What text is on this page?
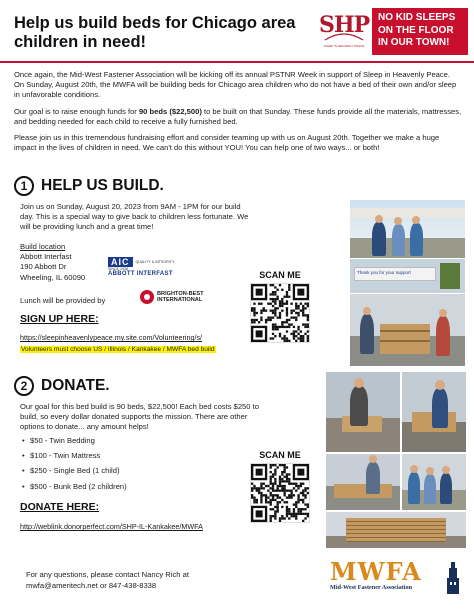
Help us build beds for Chicago area children in need!
SHP
SLEEP IN HEAVENLY PEACE
NO KID SLEEPS ON THE FLOOR IN OUR TOWN!

Once again, the Mid-West Fastener Association will be kicking off its annual PSTNR Week in support of Sleep in Heavenly Peace. On Sunday, August 20th, the MWFA will be building beds for Chicago area children who do not have a bed of their own and/or sleep in unfavorable conditions.

Our goal is to raise enough funds for 90 beds ($22,500) to be built on that Sunday. These funds provide all the materials, mattresses, and bedding needed for each child to receive a fully furnished bed.

Please join us in this tremendous fundraising effort and consider teaming up with us on August 20th. Together we make a huge impact in the lives of children in need. We can't do this without YOU! You can help one of two ways... or both!

1 HELP US BUILD.
Join us on Sunday, August 20, 2023 from 9AM - 1PM for our build day. This is a special way to give back to children less fortunate. We will be providing lunch and a great time!
Build location
Abbott Interfast
190 Abbott Dr
Wheeling, IL 60090
AIC	QUALITY & INTEGRITY
SINCE 1938
ABBOTT INTERFAST
Lunch will be provided by
BRIGHTON-BEST
INTERNATIONAL
SIGN UP HERE:
https://sleepinheavenlypeace.my.site.com/Volunteering/s/
Volunteers must choose US / Illinois / Kankakee / MWFA bed build
SCAN ME	Thank you for your support
2 DONATE.
Our goal for this bed build is 90 beds, $22,500! Each bed costs $250 to build, so every dollar donated supports the mission. There are other options to donate... any amount helps!
• $50 - Twin Bedding
• $100 - Twin Mattress
• $250 - Single Bed (1 child)
• $500 - Bunk Bed (2 children)
DONATE HERE:
http://weblink.donorperfect.com/SHP-IL-Kankakee/MWFA
SCAN ME
For any questions, please contact Nancy Rich at
mwfa@ameritech.net or 847-438-8338	MWFA
Mid-West Fastener Association
